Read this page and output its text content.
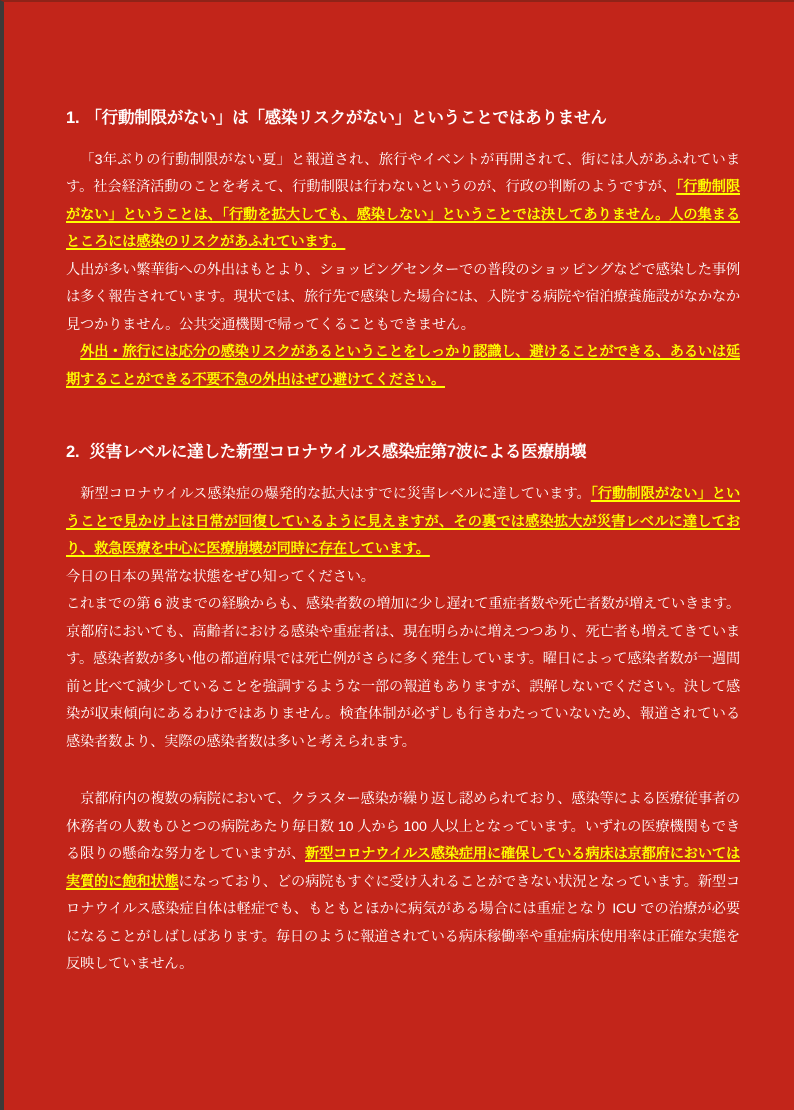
1. 「行動制限がない」は「感染リスクがない」ということではありません

「3年ぶりの行動制限がない夏」と報道され、旅行やイベントが再開されて、街には人があふれています。社会経済活動のことを考えて、行動制限は行わないというのが、行政の判断のようですが、「行動制限がない」ということは、「行動を拡大しても、感染しない」ということでは決してありません。人の集まるところには感染のリスクがあふれています。

人出が多い繁華街への外出はもとより、ショッピングセンターでの普段のショッピングなどで感染した事例は多く報告されています。現状では、旅行先で感染した場合には、入院する病院や宿泊療養施設がなかなか見つかりません。公共交通機関で帰ってくることもできません。

外出・旅行には応分の感染リスクがあるということをしっかり認識し、避けることができる、あるいは延期することができる不要不急の外出はぜひ避けてください。

2. 災害レベルに達した新型コロナウイルス感染症第7波による医療崩壊

新型コロナウイルス感染症の爆発的な拡大はすでに災害レベルに達しています。「行動制限がない」ということで見かけ上は日常が回復しているように見えますが、その裏では感染拡大が災害レベルに達しており、救急医療を中心に医療崩壊が同時に存在しています。

今日の日本の異常な状態をぜひ知ってください。

これまでの第 6 波までの経験からも、感染者数の増加に少し遅れて重症者数や死亡者数が増えていきます。京都府においても、高齢者における感染や重症者は、現在明らかに増えつつあり、死亡者も増えてきています。感染者数が多い他の都道府県では死亡例がさらに多く発生しています。曜日によって感染者数が一週間前と比べて減少していることを強調するような一部の報道もありますが、誤解しないでください。決して感染が収束傾向にあるわけではありません。検査体制が必ずしも行きわたっていないため、報道されている感染者数より、実際の感染者数は多いと考えられます。

京都府内の複数の病院において、クラスター感染が繰り返し認められており、感染等による医療従事者の休務者の人数もひとつの病院あたり毎日数 10 人から 100 人以上となっています。いずれの医療機関もできる限りの懸命な努力をしていますが、新型コロナウイルス感染症用に確保している病床は京都府においては実質的に飽和状態になっており、どの病院もすぐに受け入れることができない状況となっています。新型コロナウイルス感染症自体は軽症でも、もともとほかに病気がある場合には重症となり ICU での治療が必要になることがしばしばあります。毎日のように報道されている病床稼働率や重症病床使用率は正確な実態を反映していません。
